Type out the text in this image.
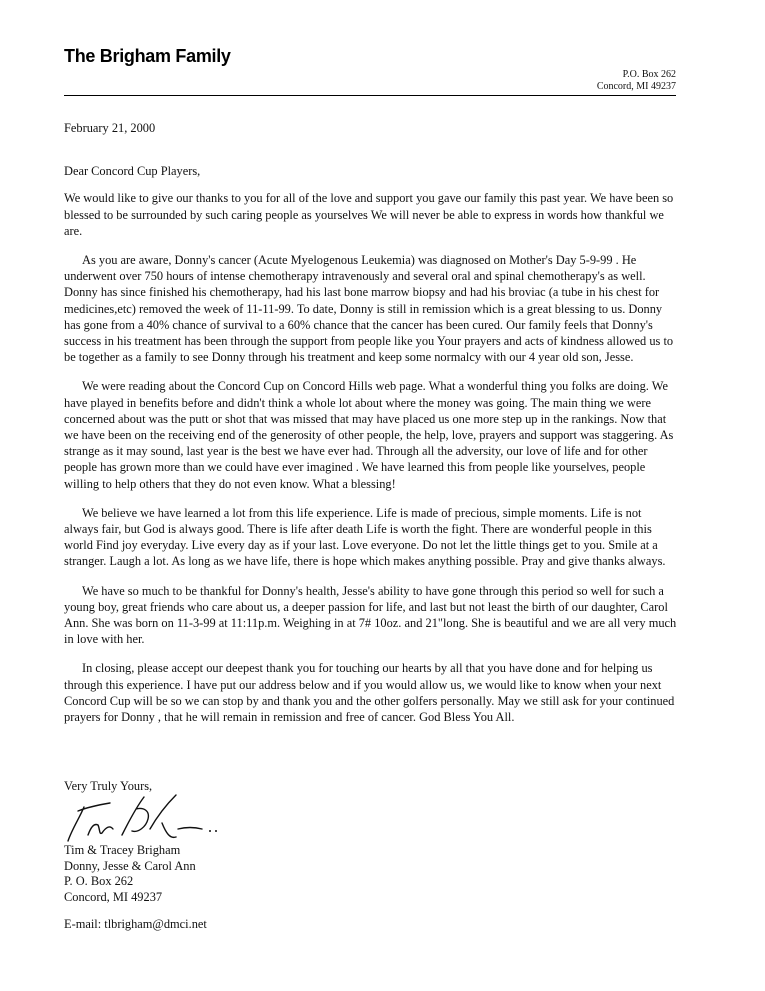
The Brigham Family
P.O. Box 262
Concord, MI 49237

February 21, 2000

Dear Concord Cup Players,

We would like to give our thanks to you for all of the love and support you gave our family this past year. We have been so blessed to be surrounded by such caring people as yourselves We will never be able to express in words how thankful we are.

As you are aware, Donny's cancer (Acute Myelogenous Leukemia) was diagnosed on Mother's Day 5-9-99 . He underwent over 750 hours of intense chemotherapy intravenously and several oral and spinal chemotherapy's as well. Donny has since finished his chemotherapy, had his last bone marrow biopsy and had his broviac (a tube in his chest for medicines,etc) removed the week of 11-11-99. To date, Donny is still in remission which is a great blessing to us. Donny has gone from a 40% chance of survival to a 60% chance that the cancer has been cured. Our family feels that Donny's success in his treatment has been through the support from people like you Your prayers and acts of kindness allowed us to be together as a family to see Donny through his treatment and keep some normalcy with our 4 year old son, Jesse.

We were reading about the Concord Cup on Concord Hills web page. What a wonderful thing you folks are doing. We have played in benefits before and didn't think a whole lot about where the money was going. The main thing we were concerned about was the putt or shot that was missed that may have placed us one more step up in the rankings. Now that we have been on the receiving end of the generosity of other people, the help, love, prayers and support was staggering. As strange as it may sound, last year is the best we have ever had. Through all the adversity, our love of life and for other people has grown more than we could have ever imagined . We have learned this from people like yourselves, people willing to help others that they do not even know. What a blessing!

We believe we have learned a lot from this life experience. Life is made of precious, simple moments. Life is not always fair, but God is always good. There is life after death Life is worth the fight. There are wonderful people in this world Find joy everyday. Live every day as if your last. Love everyone. Do not let the little things get to you. Smile at a stranger. Laugh a lot. As long as we have life, there is hope which makes anything possible. Pray and give thanks always.

We have so much to be thankful for Donny's health, Jesse's ability to have gone through this period so well for such a young boy, great friends who care about us, a deeper passion for life, and last but not least the birth of our daughter, Carol Ann. She was born on 11-3-99 at 11:11p.m. Weighing in at 7# 10oz. and 21"long. She is beautiful and we are all very much in love with her.

In closing, please accept our deepest thank you for touching our hearts by all that you have done and for helping us through this experience. I have put our address below and if you would allow us, we would like to know when your next Concord Cup will be so we can stop by and thank you and the other golfers personally. May we still ask for your continued prayers for Donny , that he will remain in remission and free of cancer. God Bless You All.

Very Truly Yours,
Tim & Tracey Brigham
Donny, Jesse & Carol Ann
P. O. Box 262
Concord, MI 49237
E-mail: tlbrigham@dmci.net
